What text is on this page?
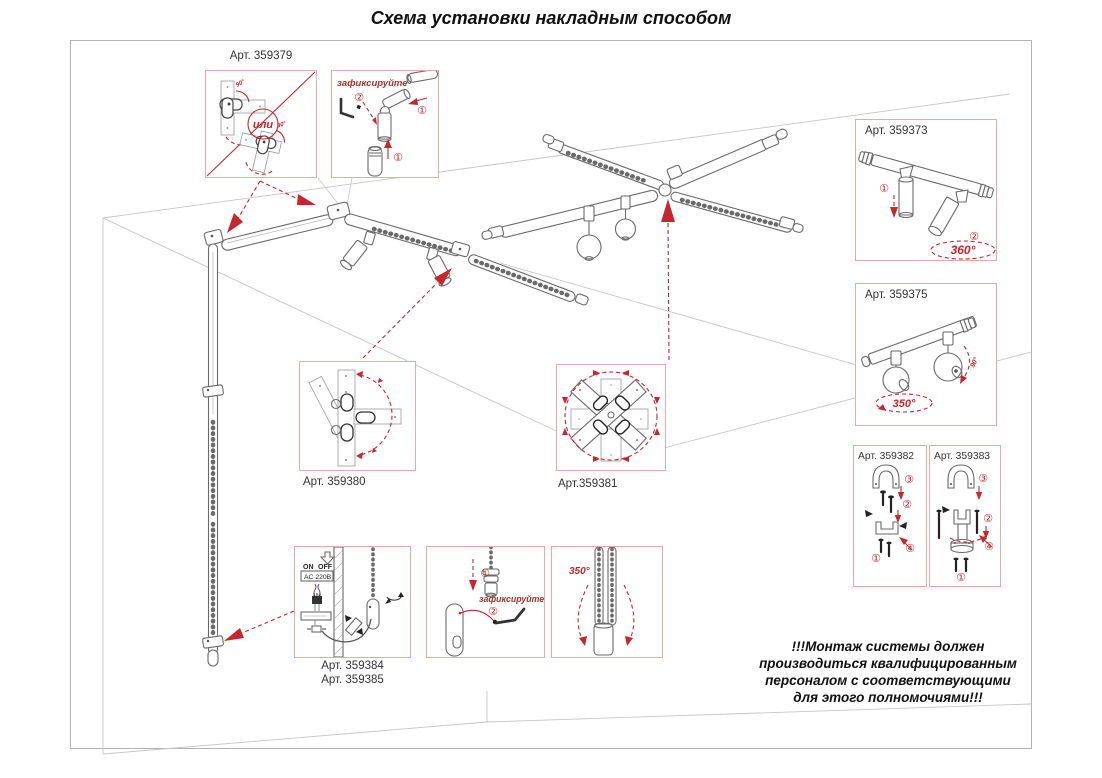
Схема установки накладным способом
Арт. 359379
90°
90°
или
зафиксируйте
②
①
①
Арт. 359373
①
②
360°
Арт. 359375
350°
90°
Арт. 359382
③
②
④
①
Арт. 359383
③
②
④
①
Арт. 359380	Арт.359381
ON OFF
AC 220В
Арт. 359384
Арт. 359385
①
зафиксируйте
②
350°
!!!Монтаж системы должен
производиться квалифицированным
персоналом с соответствующими
для этого полномочиями!!!
